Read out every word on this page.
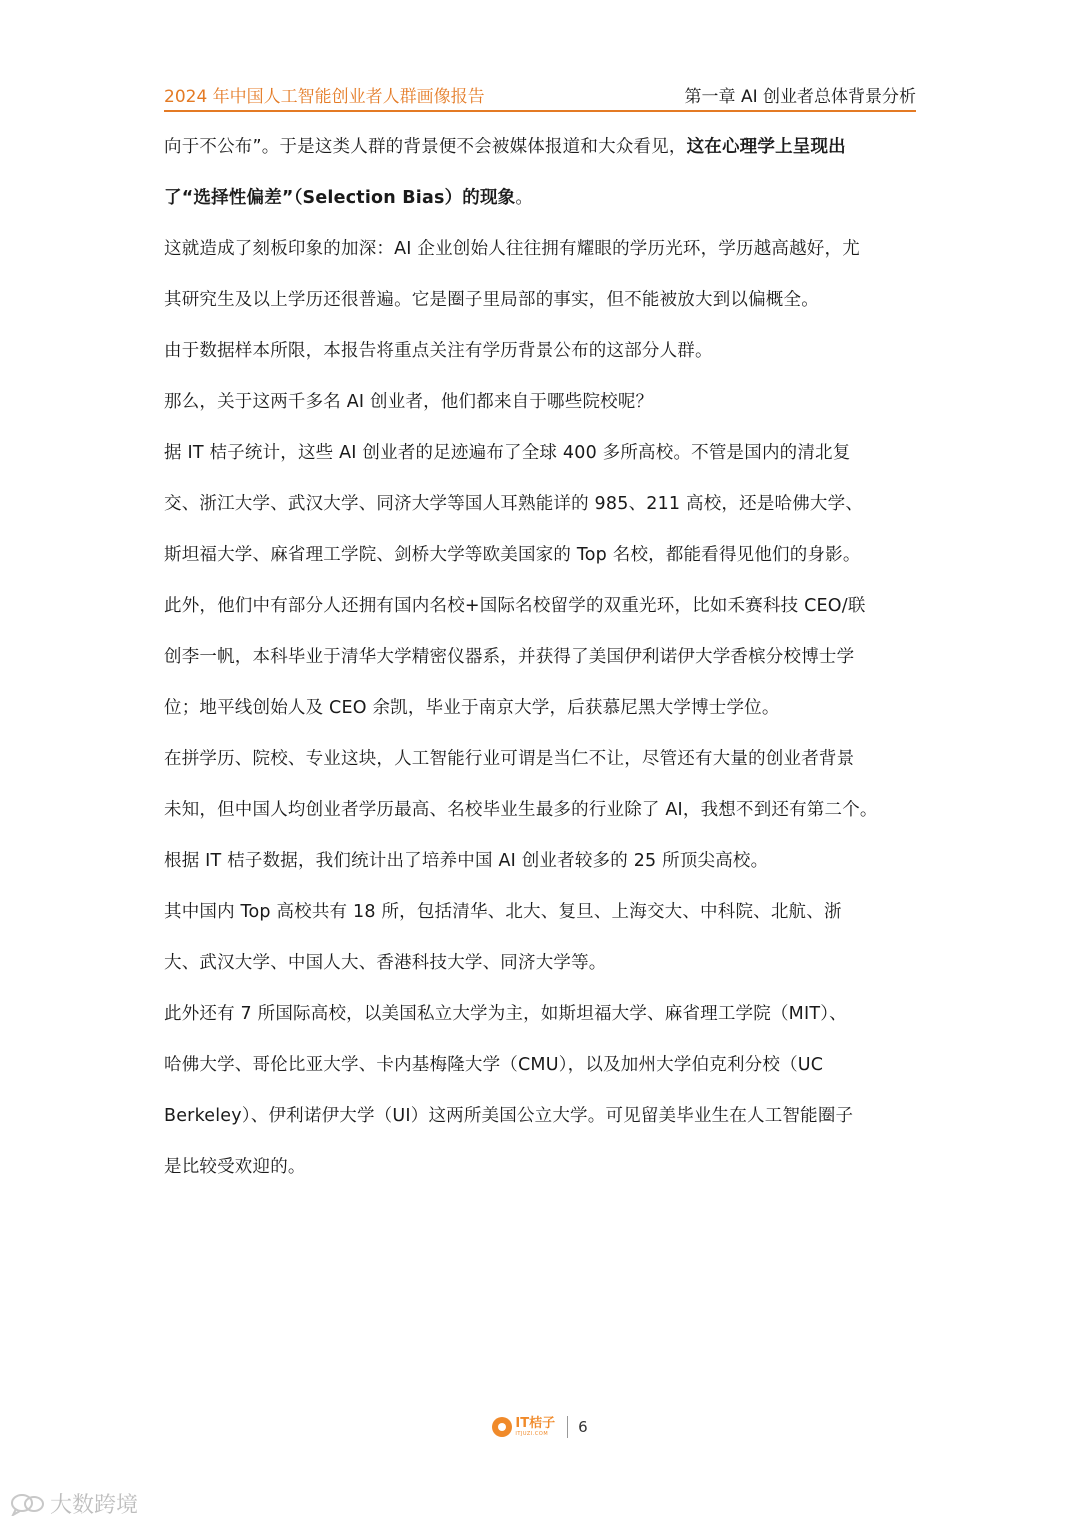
2024 年中国人工智能创业者人群画像报告	第一章 AI 创业者总体背景分析

向于不公布”。于是这类人群的背景便不会被媒体报道和大众看见，这在心理学上呈现出

了“选择性偏差”（Selection Bias）的现象。

这就造成了刻板印象的加深：AI 企业创始人往往拥有耀眼的学历光环，学历越高越好，尤

其研究生及以上学历还很普遍。它是圈子里局部的事实，但不能被放大到以偏概全。

由于数据样本所限，本报告将重点关注有学历背景公布的这部分人群。

那么，关于这两千多名 AI 创业者，他们都来自于哪些院校呢？

据 IT 桔子统计，这些 AI 创业者的足迹遍布了全球 400 多所高校。不管是国内的清北复

交、浙江大学、武汉大学、同济大学等国人耳熟能详的 985、211 高校，还是哈佛大学、

斯坦福大学、麻省理工学院、剑桥大学等欧美国家的 Top 名校，都能看得见他们的身影。

此外，他们中有部分人还拥有国内名校+国际名校留学的双重光环，比如禾赛科技 CEO/联

创李一帆，本科毕业于清华大学精密仪器系，并获得了美国伊利诺伊大学香槟分校博士学

位；地平线创始人及 CEO 余凯，毕业于南京大学，后获慕尼黑大学博士学位。

在拼学历、院校、专业这块，人工智能行业可谓是当仁不让，尽管还有大量的创业者背景

未知，但中国人均创业者学历最高、名校毕业生最多的行业除了 AI，我想不到还有第二个。

根据 IT 桔子数据，我们统计出了培养中国 AI 创业者较多的 25 所顶尖高校。

其中国内 Top 高校共有 18 所，包括清华、北大、复旦、上海交大、中科院、北航、浙

大、武汉大学、中国人大、香港科技大学、同济大学等。

此外还有 7 所国际高校，以美国私立大学为主，如斯坦福大学、麻省理工学院（MIT）、

哈佛大学、哥伦比亚大学、卡内基梅隆大学（CMU），以及加州大学伯克利分校（UC

Berkeley）、伊利诺伊大学（UI）这两所美国公立大学。可见留美毕业生在人工智能圈子

是比较受欢迎的。

IT桔子
ITJUZI.COM	6
大数跨境
